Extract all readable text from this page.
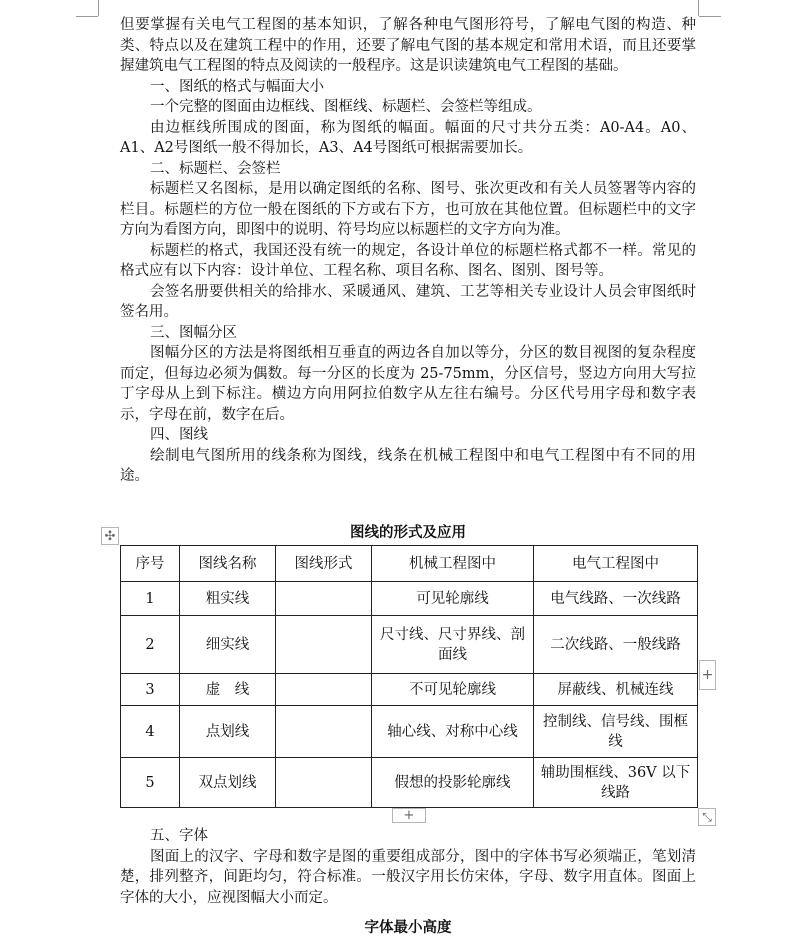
但要掌握有关电气工程图的基本知识，了解各种电气图形符号，了解电气图的构造、种类、特点以及在建筑工程中的作用，还要了解电气图的基本规定和常用术语，而且还要掌握建筑电气工程图的特点及阅读的一般程序。这是识读建筑电气工程图的基础。

一、图纸的格式与幅面大小

一个完整的图面由边框线、图框线、标题栏、会签栏等组成。

由边框线所围成的图面，称为图纸的幅面。幅面的尺寸共分五类：A0-A4。A0、A1、A2号图纸一般不得加长，A3、A4号图纸可根据需要加长。

二、标题栏、会签栏

标题栏又名图标，是用以确定图纸的名称、图号、张次更改和有关人员签署等内容的栏目。标题栏的方位一般在图纸的下方或右下方，也可放在其他位置。但标题栏中的文字方向为看图方向，即图中的说明、符号均应以标题栏的文字方向为准。

标题栏的格式，我国还没有统一的规定，各设计单位的标题栏格式都不一样。常见的格式应有以下内容：设计单位、工程名称、项目名称、图名、图别、图号等。

会签名册要供相关的给排水、采暖通风、建筑、工艺等相关专业设计人员会审图纸时签名用。

三、图幅分区

图幅分区的方法是将图纸相互垂直的两边各自加以等分，分区的数目视图的复杂程度而定，但每边必须为偶数。每一分区的长度为 25-75mm，分区信号，竖边方向用大写拉丁字母从上到下标注。横边方向用阿拉伯数字从左往右编号。分区代号用字母和数字表示，字母在前，数字在后。

四、图线

绘制电气图所用的线条称为图线，线条在机械工程图中和电气工程图中有不同的用途。

图线的形式及应用
✣
序号	图线名称	图线形式	机械工程图中	电气工程图中
1	粗实线		可见轮廓线	电气线路、一次线路
2	细实线		尺寸线、尺寸界线、剖面线	二次线路、一般线路
3	虚　线		不可见轮廓线	屏蔽线、机械连线
4	点划线		轴心线、对称中心线	控制线、信号线、围框线
5	双点划线		假想的投影轮廓线	辅助围框线、36V 以下线路
+
+	⤡

五、字体

图面上的汉字、字母和数字是图的重要组成部分，图中的字体书写必须端正，笔划清楚，排列整齐，间距均匀，符合标准。一般汉字用长仿宋体，字母、数字用直体。图面上字体的大小，应视图幅大小而定。

字体最小高度
